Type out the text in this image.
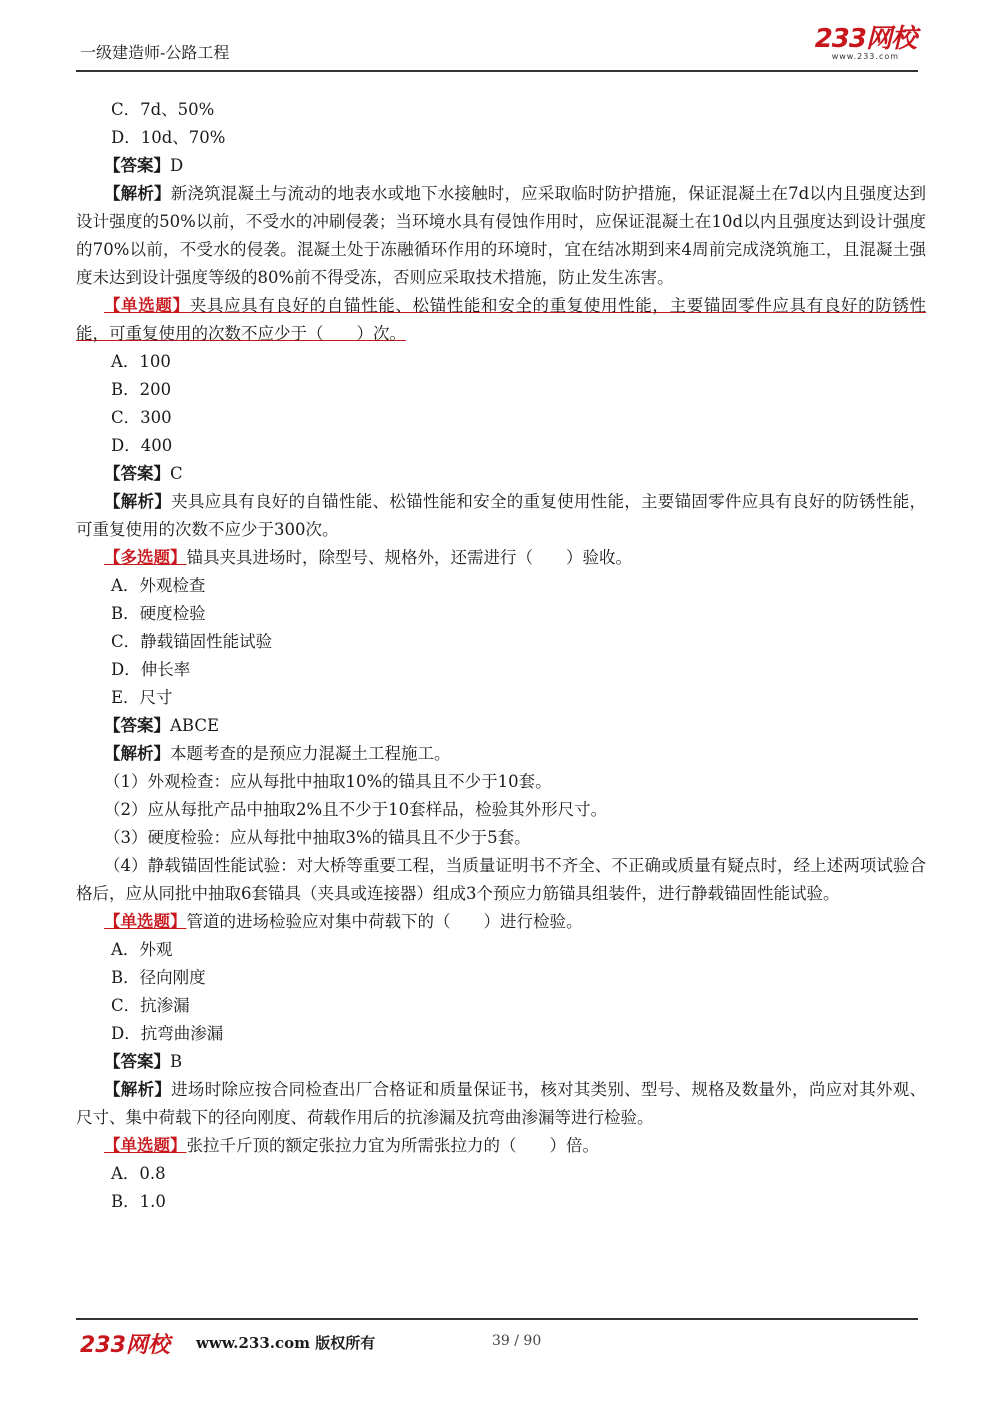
一级建造师-公路工程	233网校
www.233.com
C．7d、50%
D．10d、70%
【答案】D
【解析】新浇筑混凝土与流动的地表水或地下水接触时，应采取临时防护措施，保证混凝土在7d以内且强度达到设计强度的50%以前，不受水的冲刷侵袭；当环境水具有侵蚀作用时，应保证混凝土在10d以内且强度达到设计强度的70%以前，不受水的侵袭。混凝土处于冻融循环作用的环境时，宜在结冰期到来4周前完成浇筑施工，且混凝土强度未达到设计强度等级的80%前不得受冻，否则应采取技术措施，防止发生冻害。
【单选题】夹具应具有良好的自锚性能、松锚性能和安全的重复使用性能，主要锚固零件应具有良好的防锈性能，可重复使用的次数不应少于（　　）次。
A．100
B．200
C．300
D．400
【答案】C
【解析】夹具应具有良好的自锚性能、松锚性能和安全的重复使用性能，主要锚固零件应具有良好的防锈性能，可重复使用的次数不应少于300次。
【多选题】锚具夹具进场时，除型号、规格外，还需进行（　　）验收。
A．外观检查
B．硬度检验
C．静载锚固性能试验
D．伸长率
E．尺寸
【答案】ABCE
【解析】本题考查的是预应力混凝土工程施工。
（1）外观检查：应从每批中抽取10%的锚具且不少于10套。
（2）应从每批产品中抽取2%且不少于10套样品，检验其外形尺寸。
（3）硬度检验：应从每批中抽取3%的锚具且不少于5套。
（4）静载锚固性能试验：对大桥等重要工程，当质量证明书不齐全、不正确或质量有疑点时，经上述两项试验合格后，应从同批中抽取6套锚具（夹具或连接器）组成3个预应力筋锚具组装件，进行静载锚固性能试验。
【单选题】管道的进场检验应对集中荷载下的（　　）进行检验。
A．外观
B．径向刚度
C．抗渗漏
D．抗弯曲渗漏
【答案】B
【解析】进场时除应按合同检查出厂合格证和质量保证书，核对其类别、型号、规格及数量外，尚应对其外观、尺寸、集中荷载下的径向刚度、荷载作用后的抗渗漏及抗弯曲渗漏等进行检验。
【单选题】张拉千斤顶的额定张拉力宜为所需张拉力的（　　）倍。
A．0.8
B．1.0
233网校 www.233.com 版权所有	39 / 90
